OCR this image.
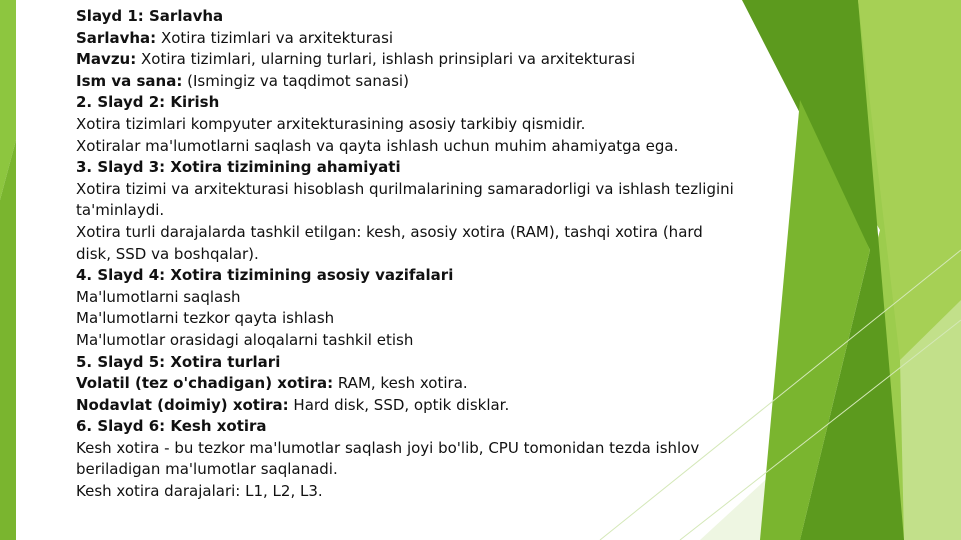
Slayd 1: Sarlavha

Sarlavha: Xotira tizimlari va arxitekturasi

Mavzu: Xotira tizimlari, ularning turlari, ishlash prinsiplari va arxitekturasi

Ism va sana: (Ismingiz va taqdimot sanasi)

2. Slayd 2: Kirish

Xotira tizimlari kompyuter arxitekturasining asosiy tarkibiy qismidir.

Xotiralar ma'lumotlarni saqlash va qayta ishlash uchun muhim ahamiyatga ega.

3. Slayd 3: Xotira tizimining ahamiyati

Xotira tizimi va arxitekturasi hisoblash qurilmalarining samaradorligi va ishlash tezligini ta'minlaydi.

Xotira turli darajalarda tashkil etilgan: kesh, asosiy xotira (RAM), tashqi xotira (hard disk, SSD va boshqalar).

4. Slayd 4: Xotira tizimining asosiy vazifalari

Ma'lumotlarni saqlash

Ma'lumotlarni tezkor qayta ishlash

Ma'lumotlar orasidagi aloqalarni tashkil etish

5. Slayd 5: Xotira turlari

Volatil (tez o'chadigan) xotira: RAM, kesh xotira.

Nodavlat (doimiy) xotira: Hard disk, SSD, optik disklar.

6. Slayd 6: Kesh xotira

Kesh xotira - bu tezkor ma'lumotlar saqlash joyi bo'lib, CPU tomonidan tezda ishlov beriladigan ma'lumotlar saqlanadi.

Kesh xotira darajalari: L1, L2, L3.
